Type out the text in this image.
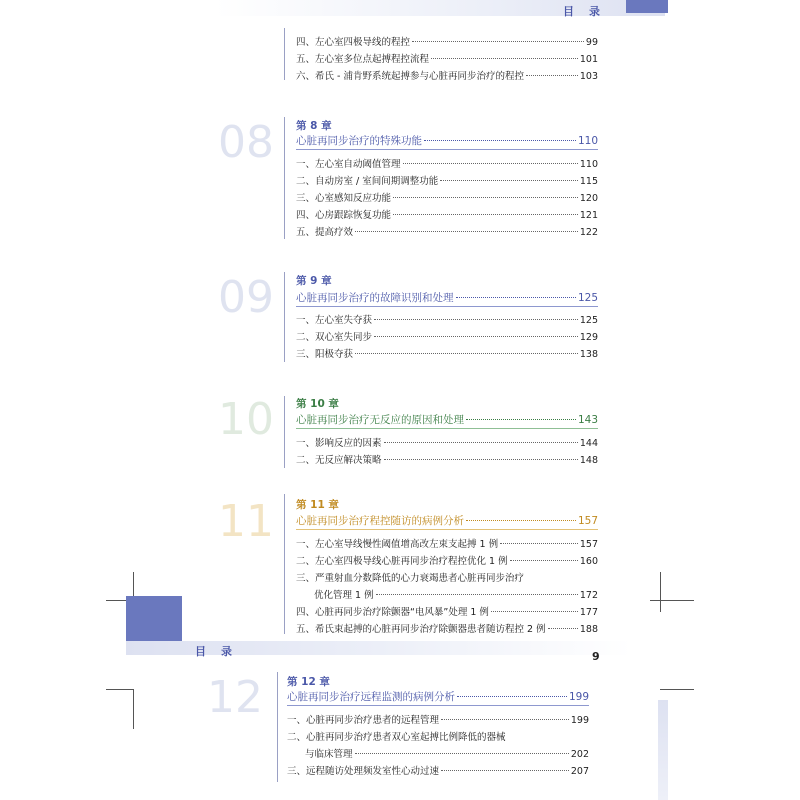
目　录
四、左心室四极导线的程控	99
五、左心室多位点起搏程控流程	101
六、希氏 - 浦肯野系统起搏参与心脏再同步治疗的程控	103
08 第 8 章
心脏再同步治疗的特殊功能	110
一、左心室自动阈值管理	110
二、自动房室 / 室间间期调整功能	115
三、心室感知反应功能	120
四、心房跟踪恢复功能	121
五、提高疗效	122
09 第 9 章
心脏再同步治疗的故障识别和处理	125
一、左心室失夺获	125
二、双心室失同步	129
三、阳极夺获	138
10 第 10 章
心脏再同步治疗无反应的原因和处理	143
一、影响反应的因素	144
二、无反应解决策略	148
11 第 11 章
心脏再同步治疗程控随访的病例分析	157
一、左心室导线慢性阈值增高改左束支起搏 1 例	157
二、左心室四极导线心脏再同步治疗程控优化 1 例	160
三、严重射血分数降低的心力衰竭患者心脏再同步治疗
优化管理 1 例	172
四、心脏再同步治疗除颤器“电风暴”处理 1 例	177
五、希氏束起搏的心脏再同步治疗除颤器患者随访程控 2 例	188
目　录	9
12 第 12 章
心脏再同步治疗远程监测的病例分析	199
一、心脏再同步治疗患者的远程管理	199
二、心脏再同步治疗患者双心室起搏比例降低的器械
与临床管理	202
三、远程随访处理频发室性心动过速	207
